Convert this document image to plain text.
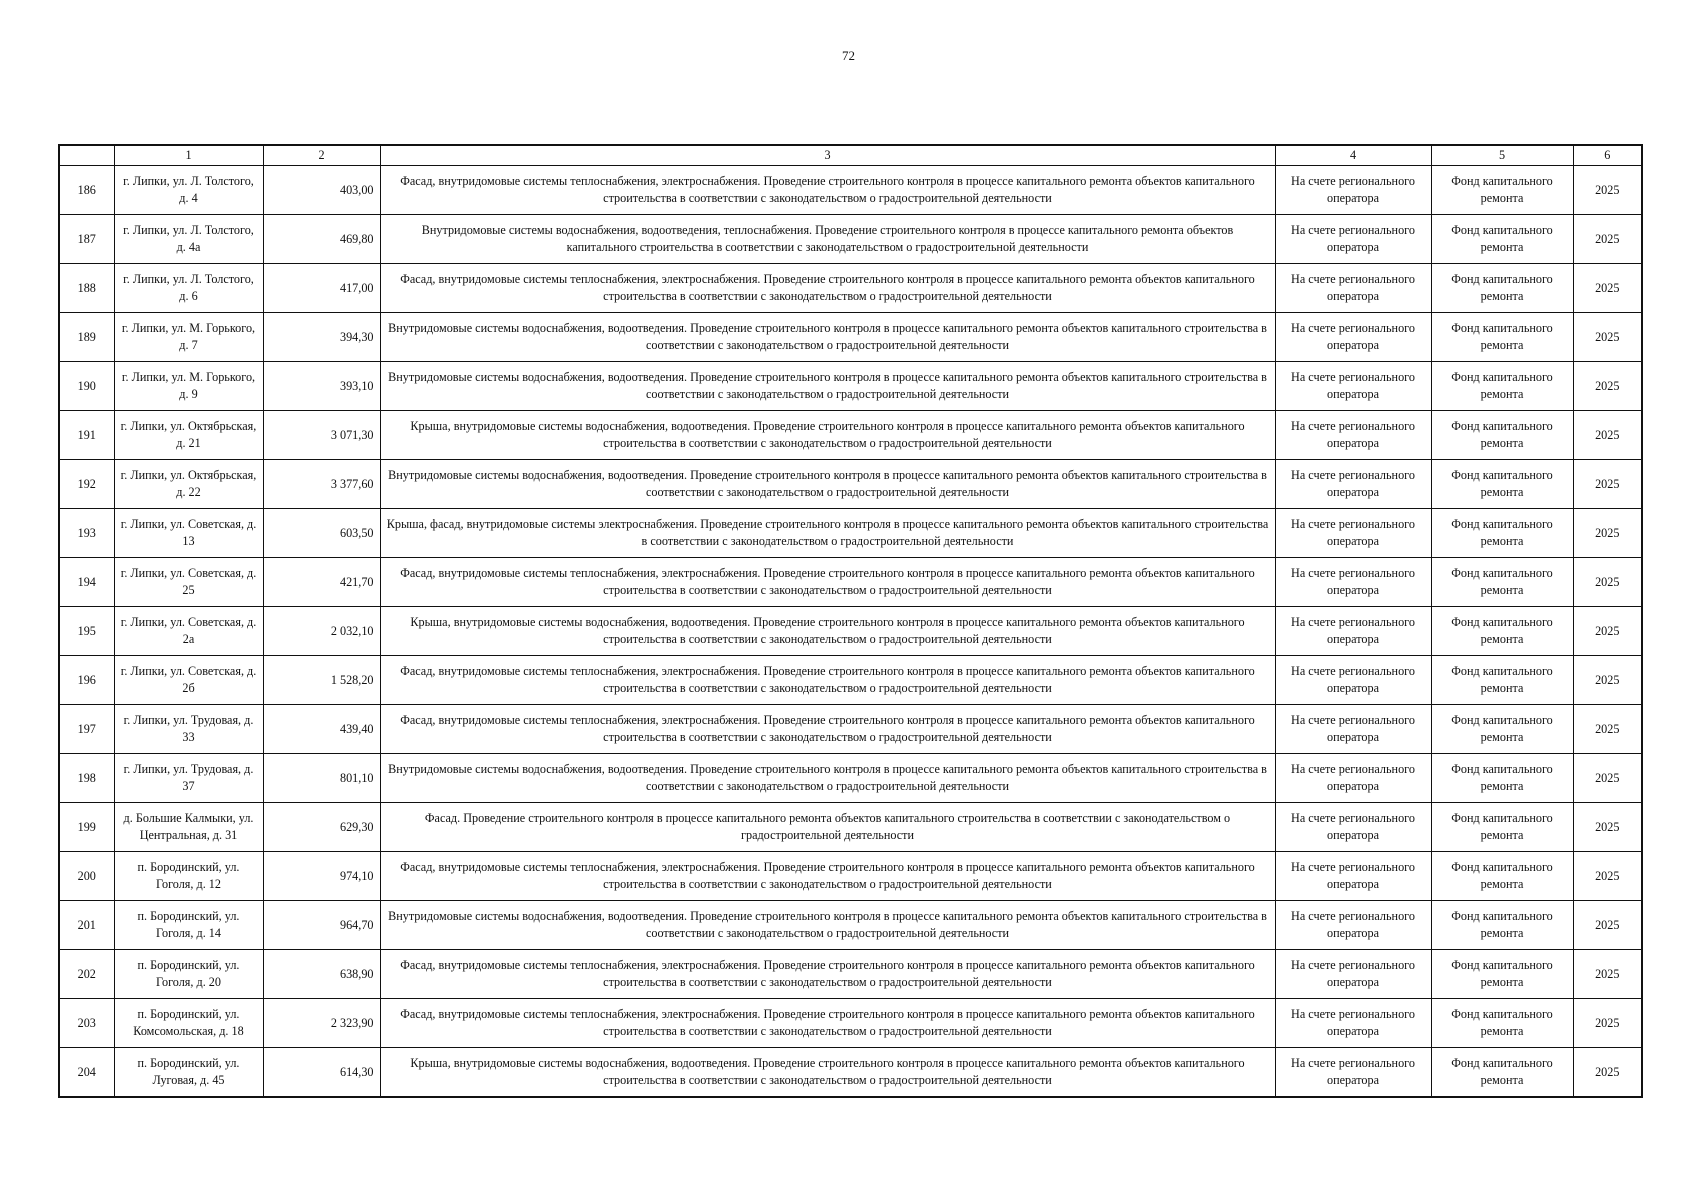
72
	1	2	3	4	5	6
186	г. Липки, ул. Л. Толстого, д. 4	403,00	Фасад, внутридомовые системы теплоснабжения, электроснабжения. Проведение строительного контроля в процессе капитального ремонта объектов капитального строительства в соответствии с законодательством о градостроительной деятельности	На счете регионального оператора	Фонд капитального ремонта	2025
187	г. Липки, ул. Л. Толстого, д. 4а	469,80	Внутридомовые системы водоснабжения, водоотведения, теплоснабжения. Проведение строительного контроля в процессе капитального ремонта объектов капитального строительства в соответствии с законодательством о градостроительной деятельности	На счете регионального оператора	Фонд капитального ремонта	2025
188	г. Липки, ул. Л. Толстого, д. 6	417,00	Фасад, внутридомовые системы теплоснабжения, электроснабжения. Проведение строительного контроля в процессе капитального ремонта объектов капитального строительства в соответствии с законодательством о градостроительной деятельности	На счете регионального оператора	Фонд капитального ремонта	2025
189	г. Липки, ул. М. Горького, д. 7	394,30	Внутридомовые системы водоснабжения, водоотведения. Проведение строительного контроля в процессе капитального ремонта объектов капитального строительства в соответствии с законодательством о градостроительной деятельности	На счете регионального оператора	Фонд капитального ремонта	2025
190	г. Липки, ул. М. Горького, д. 9	393,10	Внутридомовые системы водоснабжения, водоотведения. Проведение строительного контроля в процессе капитального ремонта объектов капитального строительства в соответствии с законодательством о градостроительной деятельности	На счете регионального оператора	Фонд капитального ремонта	2025
191	г. Липки, ул. Октябрьская, д. 21	3 071,30	Крыша, внутридомовые системы водоснабжения, водоотведения. Проведение строительного контроля в процессе капитального ремонта объектов капитального строительства в соответствии с законодательством о градостроительной деятельности	На счете регионального оператора	Фонд капитального ремонта	2025
192	г. Липки, ул. Октябрьская, д. 22	3 377,60	Внутридомовые системы водоснабжения, водоотведения. Проведение строительного контроля в процессе капитального ремонта объектов капитального строительства в соответствии с законодательством о градостроительной деятельности	На счете регионального оператора	Фонд капитального ремонта	2025
193	г. Липки, ул. Советская, д. 13	603,50	Крыша, фасад, внутридомовые системы электроснабжения. Проведение строительного контроля в процессе капитального ремонта объектов капитального строительства в соответствии с законодательством о градостроительной деятельности	На счете регионального оператора	Фонд капитального ремонта	2025
194	г. Липки, ул. Советская, д. 25	421,70	Фасад, внутридомовые системы теплоснабжения, электроснабжения. Проведение строительного контроля в процессе капитального ремонта объектов капитального строительства в соответствии с законодательством о градостроительной деятельности	На счете регионального оператора	Фонд капитального ремонта	2025
195	г. Липки, ул. Советская, д. 2а	2 032,10	Крыша, внутридомовые системы водоснабжения, водоотведения. Проведение строительного контроля в процессе капитального ремонта объектов капитального строительства в соответствии с законодательством о градостроительной деятельности	На счете регионального оператора	Фонд капитального ремонта	2025
196	г. Липки, ул. Советская, д. 2б	1 528,20	Фасад, внутридомовые системы теплоснабжения, электроснабжения. Проведение строительного контроля в процессе капитального ремонта объектов капитального строительства в соответствии с законодательством о градостроительной деятельности	На счете регионального оператора	Фонд капитального ремонта	2025
197	г. Липки, ул. Трудовая, д. 33	439,40	Фасад, внутридомовые системы теплоснабжения, электроснабжения. Проведение строительного контроля в процессе капитального ремонта объектов капитального строительства в соответствии с законодательством о градостроительной деятельности	На счете регионального оператора	Фонд капитального ремонта	2025
198	г. Липки, ул. Трудовая, д. 37	801,10	Внутридомовые системы водоснабжения, водоотведения. Проведение строительного контроля в процессе капитального ремонта объектов капитального строительства в соответствии с законодательством о градостроительной деятельности	На счете регионального оператора	Фонд капитального ремонта	2025
199	д. Большие Калмыки, ул. Центральная, д. 31	629,30	Фасад. Проведение строительного контроля в процессе капитального ремонта объектов капитального строительства в соответствии с законодательством о градостроительной деятельности	На счете регионального оператора	Фонд капитального ремонта	2025
200	п. Бородинский, ул. Гоголя, д. 12	974,10	Фасад, внутридомовые системы теплоснабжения, электроснабжения. Проведение строительного контроля в процессе капитального ремонта объектов капитального строительства в соответствии с законодательством о градостроительной деятельности	На счете регионального оператора	Фонд капитального ремонта	2025
201	п. Бородинский, ул. Гоголя, д. 14	964,70	Внутридомовые системы водоснабжения, водоотведения. Проведение строительного контроля в процессе капитального ремонта объектов капитального строительства в соответствии с законодательством о градостроительной деятельности	На счете регионального оператора	Фонд капитального ремонта	2025
202	п. Бородинский, ул. Гоголя, д. 20	638,90	Фасад, внутридомовые системы теплоснабжения, электроснабжения. Проведение строительного контроля в процессе капитального ремонта объектов капитального строительства в соответствии с законодательством о градостроительной деятельности	На счете регионального оператора	Фонд капитального ремонта	2025
203	п. Бородинский, ул. Комсомольская, д. 18	2 323,90	Фасад, внутридомовые системы теплоснабжения, электроснабжения. Проведение строительного контроля в процессе капитального ремонта объектов капитального строительства в соответствии с законодательством о градостроительной деятельности	На счете регионального оператора	Фонд капитального ремонта	2025
204	п. Бородинский, ул. Луговая, д. 45	614,30	Крыша, внутридомовые системы водоснабжения, водоотведения. Проведение строительного контроля в процессе капитального ремонта объектов капитального строительства в соответствии с законодательством о градостроительной деятельности	На счете регионального оператора	Фонд капитального ремонта	2025
